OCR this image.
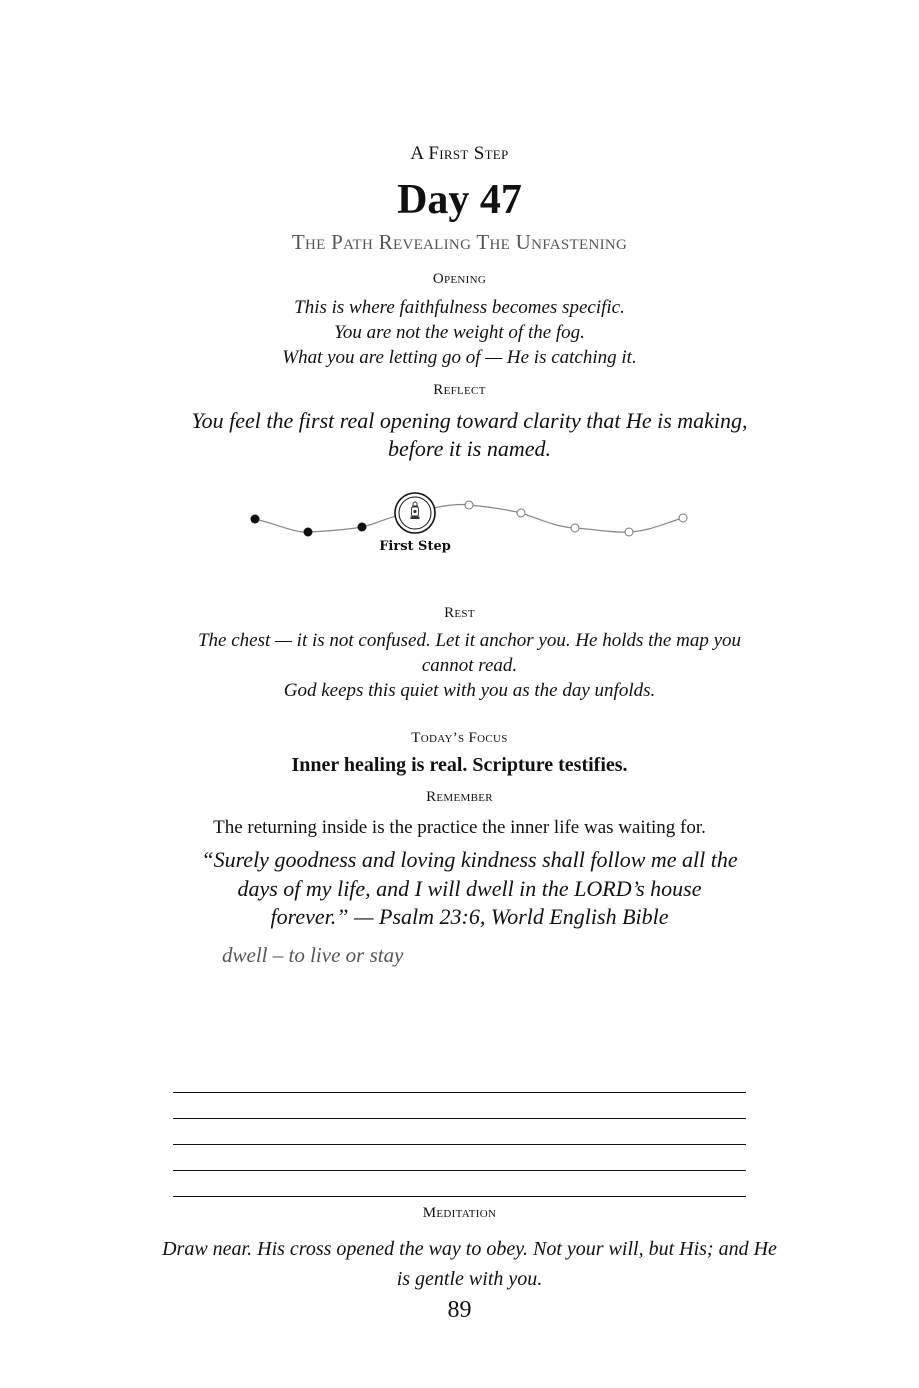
A First Step
Day 47
The Path Revealing The Unfastening
Opening
This is where faithfulness becomes specific.
You are not the weight of the fog.
What you are letting go of — He is catching it.
Reflect
You feel the first real opening toward clarity that He is making, before it is named.
First Step
Rest
The chest — it is not confused. Let it anchor you. He holds the map you cannot read.
God keeps this quiet with you as the day unfolds.
Today’s Focus
Inner healing is real. Scripture testifies.
Remember
The returning inside is the practice the inner life was waiting for.
“Surely goodness and loving kindness shall follow me all the days of my life, and I will dwell in the LORD’s house forever.” — Psalm 23:6, World English Bible
dwell – to live or stay
Meditation
Draw near. His cross opened the way to obey. Not your will, but His; and He is gentle with you.
89
